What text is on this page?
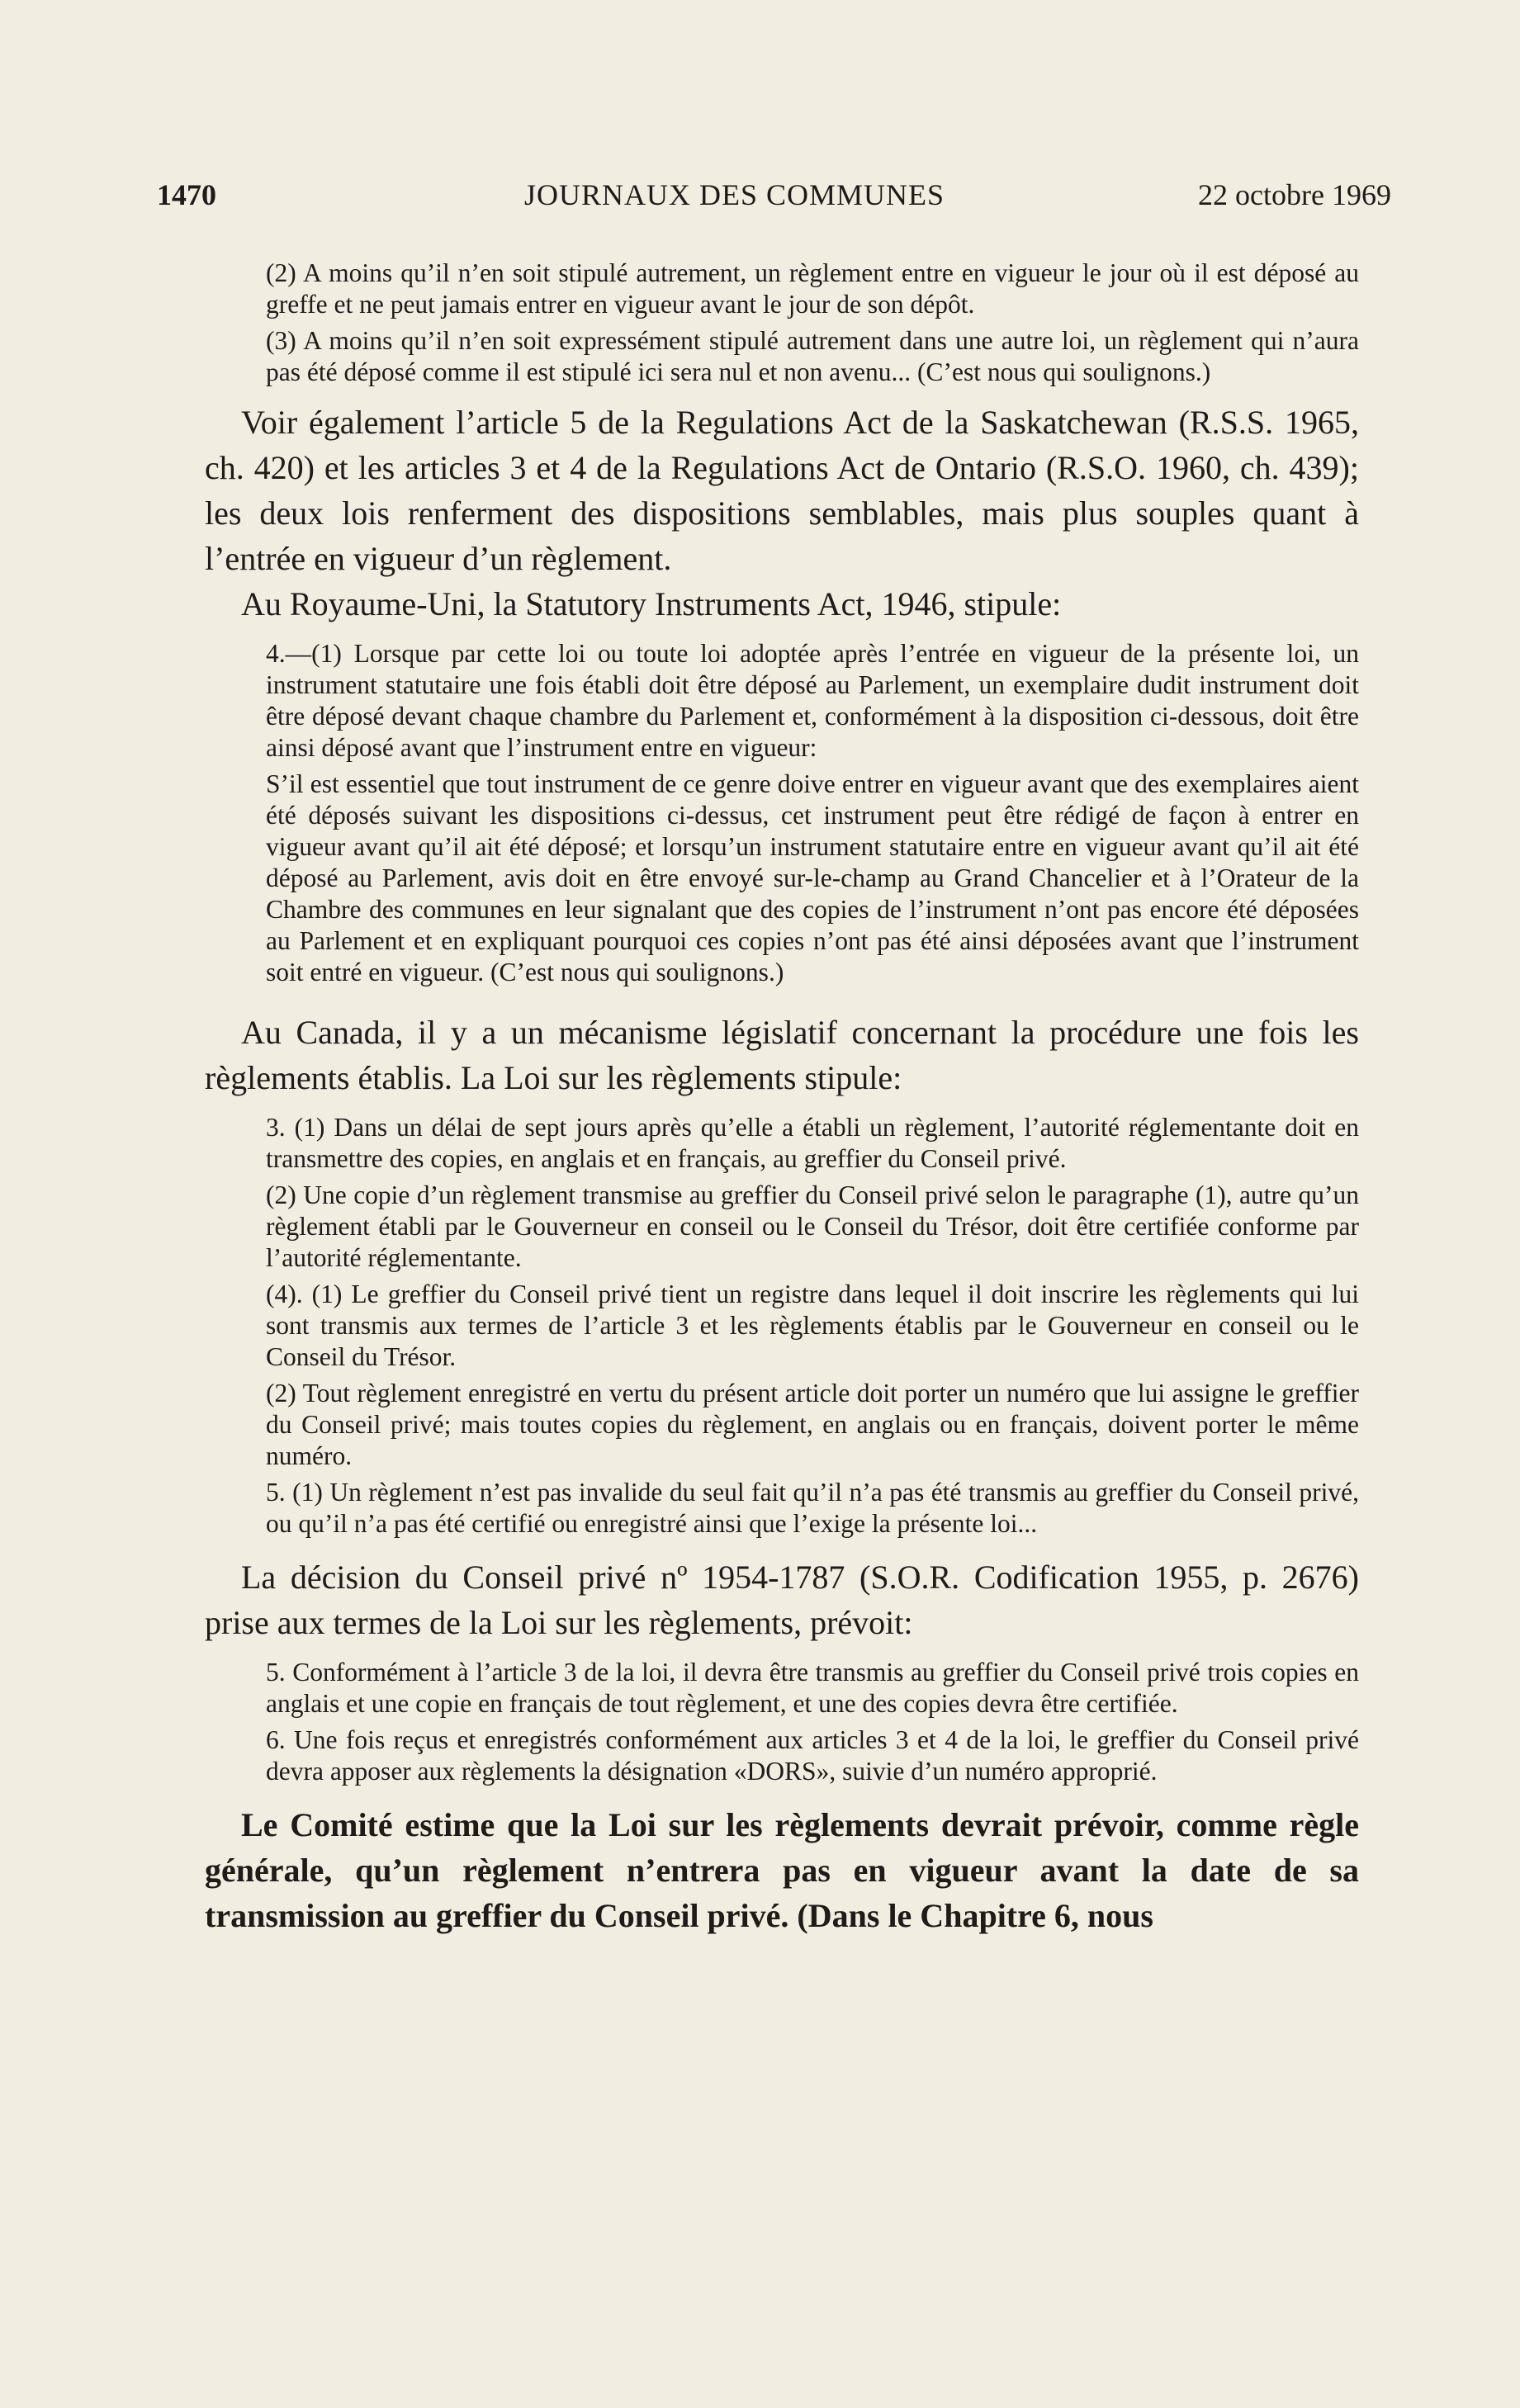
1470	JOURNAUX DES COMMUNES	22 octobre 1969

(2) A moins qu’il n’en soit stipulé autrement, un règlement entre en vigueur le jour où il est déposé au greffe et ne peut jamais entrer en vigueur avant le jour de son dépôt.

(3) A moins qu’il n’en soit expressément stipulé autrement dans une autre loi, un règlement qui n’aura pas été déposé comme il est stipulé ici sera nul et non avenu... (C’est nous qui soulignons.)

Voir également l’article 5 de la Regulations Act de la Saskatchewan (R.S.S. 1965, ch. 420) et les articles 3 et 4 de la Regulations Act de Ontario (R.S.O. 1960, ch. 439); les deux lois renferment des dispositions semblables, mais plus souples quant à l’entrée en vigueur d’un règlement.

Au Royaume-Uni, la Statutory Instruments Act, 1946, stipule:

4.—(1) Lorsque par cette loi ou toute loi adoptée après l’entrée en vigueur de la présente loi, un instrument statutaire une fois établi doit être déposé au Parlement, un exemplaire dudit instrument doit être déposé devant chaque chambre du Parlement et, conformément à la disposition ci-dessous, doit être ainsi déposé avant que l’instrument entre en vigueur:

S’il est essentiel que tout instrument de ce genre doive entrer en vigueur avant que des exemplaires aient été déposés suivant les dispositions ci-dessus, cet instrument peut être rédigé de façon à entrer en vigueur avant qu’il ait été déposé; et lorsqu’un instrument statutaire entre en vigueur avant qu’il ait été déposé au Parlement, avis doit en être envoyé sur-le-champ au Grand Chancelier et à l’Orateur de la Chambre des communes en leur signalant que des copies de l’instrument n’ont pas encore été déposées au Parlement et en expliquant pourquoi ces copies n’ont pas été ainsi déposées avant que l’instrument soit entré en vigueur. (C’est nous qui soulignons.)

Au Canada, il y a un mécanisme législatif concernant la procédure une fois les règlements établis. La Loi sur les règlements stipule:

3. (1) Dans un délai de sept jours après qu’elle a établi un règlement, l’autorité réglementante doit en transmettre des copies, en anglais et en français, au greffier du Conseil privé.

(2) Une copie d’un règlement transmise au greffier du Conseil privé selon le paragraphe (1), autre qu’un règlement établi par le Gouverneur en conseil ou le Conseil du Trésor, doit être certifiée conforme par l’autorité réglementante.

(4). (1) Le greffier du Conseil privé tient un registre dans lequel il doit inscrire les règlements qui lui sont transmis aux termes de l’article 3 et les règlements établis par le Gouverneur en conseil ou le Conseil du Trésor.

(2) Tout règlement enregistré en vertu du présent article doit porter un numéro que lui assigne le greffier du Conseil privé; mais toutes copies du règlement, en anglais ou en français, doivent porter le même numéro.

5. (1) Un règlement n’est pas invalide du seul fait qu’il n’a pas été transmis au greffier du Conseil privé, ou qu’il n’a pas été certifié ou enregistré ainsi que l’exige la présente loi...

La décision du Conseil privé nº 1954-1787 (S.O.R. Codification 1955, p. 2676) prise aux termes de la Loi sur les règlements, prévoit:

5. Conformément à l’article 3 de la loi, il devra être transmis au greffier du Conseil privé trois copies en anglais et une copie en français de tout règlement, et une des copies devra être certifiée.

6. Une fois reçus et enregistrés conformément aux articles 3 et 4 de la loi, le greffier du Conseil privé devra apposer aux règlements la désignation «DORS», suivie d’un numéro approprié.

Le Comité estime que la Loi sur les règlements devrait prévoir, comme règle générale, qu’un règlement n’entrera pas en vigueur avant la date de sa transmission au greffier du Conseil privé. (Dans le Chapitre 6, nous
